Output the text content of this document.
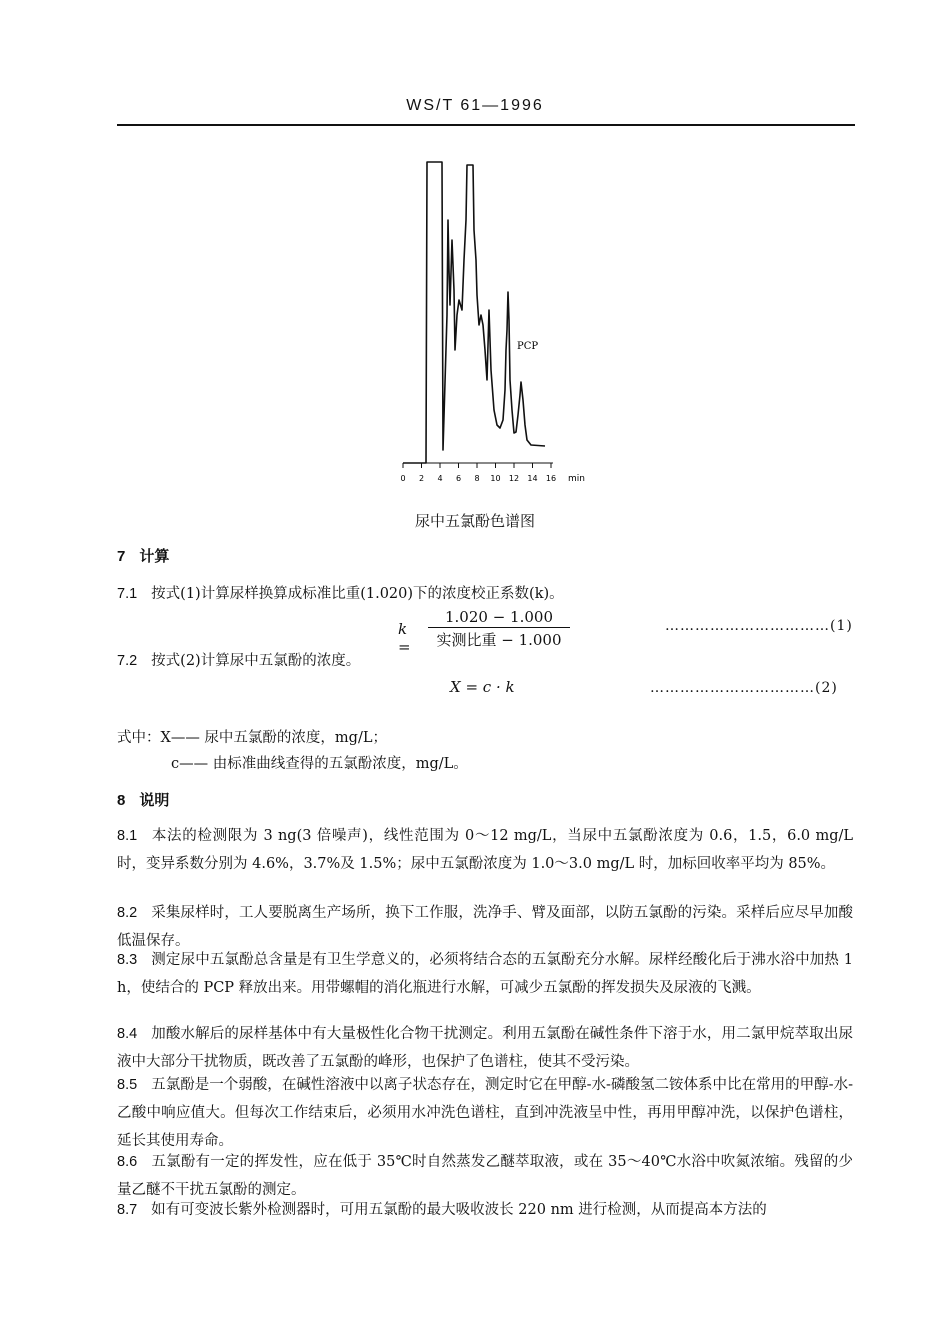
WS/T 61—1996
0 2 4 6 8 10 12 14 16
PCP
min
尿中五氯酚色谱图
7 计算
7.1 按式(1)计算尿样换算成标准比重(1.020)下的浓度校正系数(k)。
k =
1.020 − 1.000
实测比重 − 1.000
……………………………(1)
7.2 按式(2)计算尿中五氯酚的浓度。
X = c · k	……………………………(2)
式中：X—— 尿中五氯酚的浓度，mg/L；
c—— 由标准曲线查得的五氯酚浓度，mg/L。
8 说明
8.1 本法的检测限为 3 ng(3 倍噪声)，线性范围为 0～12 mg/L，当尿中五氯酚浓度为 0.6，1.5，6.0 mg/L时，变异系数分别为 4.6%，3.7%及 1.5%；尿中五氯酚浓度为 1.0～3.0 mg/L 时，加标回收率平均为 85%。
8.2 采集尿样时，工人要脱离生产场所，换下工作服，洗净手、臂及面部，以防五氯酚的污染。采样后应尽早加酸低温保存。
8.3 测定尿中五氯酚总含量是有卫生学意义的，必须将结合态的五氯酚充分水解。尿样经酸化后于沸水浴中加热 1 h，使结合的 PCP 释放出来。用带螺帽的消化瓶进行水解，可减少五氯酚的挥发损失及尿液的飞溅。
8.4 加酸水解后的尿样基体中有大量极性化合物干扰测定。利用五氯酚在碱性条件下溶于水，用二氯甲烷萃取出尿液中大部分干扰物质，既改善了五氯酚的峰形，也保护了色谱柱，使其不受污染。
8.5 五氯酚是一个弱酸，在碱性溶液中以离子状态存在，测定时它在甲醇-水-磷酸氢二铵体系中比在常用的甲醇-水-乙酸中响应值大。但每次工作结束后，必须用水冲洗色谱柱，直到冲洗液呈中性，再用甲醇冲洗，以保护色谱柱，延长其使用寿命。
8.6 五氯酚有一定的挥发性，应在低于 35℃时自然蒸发乙醚萃取液，或在 35～40℃水浴中吹氮浓缩。残留的少量乙醚不干扰五氯酚的测定。
8.7 如有可变波长紫外检测器时，可用五氯酚的最大吸收波长 220 nm 进行检测，从而提高本方法的
